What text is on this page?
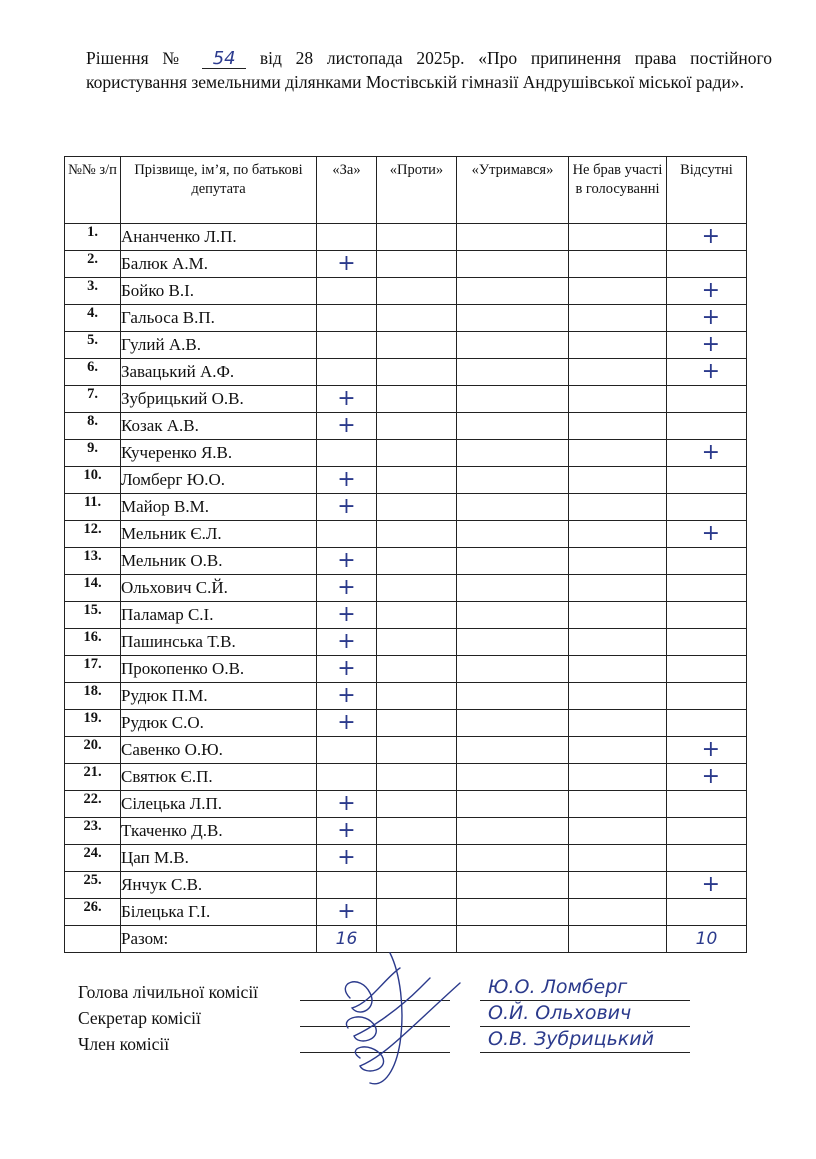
Рішення № 54 від 28 листопада 2025р. «Про припинення права постійного користування земельними ділянками Мостівській гімназії Андрушівської міської ради».
№№ з/п	Прізвище, ім’я, по батькові депутата	«За»	«Проти»	«Утримався»	Не брав участі в голосуванні	Відсутні
1.	Ананченко Л.П.					+
2.	Балюк А.М.	+				
3.	Бойко В.І.					+
4.	Гальоса В.П.					+
5.	Гулий А.В.					+
6.	Завацький А.Ф.					+
7.	Зубрицький О.В.	+				
8.	Козак А.В.	+				
9.	Кучеренко Я.В.					+
10.	Ломберг Ю.О.	+				
11.	Майор В.М.	+				
12.	Мельник Є.Л.					+
13.	Мельник О.В.	+				
14.	Ольхович С.Й.	+				
15.	Паламар С.І.	+				
16.	Пашинська Т.В.	+				
17.	Прокопенко О.В.	+				
18.	Рудюк П.М.	+				
19.	Рудюк С.О.	+				
20.	Савенко О.Ю.					+
21.	Святюк Є.П.					+
22.	Сілецька Л.П.	+				
23.	Ткаченко Д.В.	+				
24.	Цап М.В.	+				
25.	Янчук С.В.					+
26.	Білецька Г.І.	+				
	Разом:	16				10
Голова лічильної комісії	Ю.О. Ломберг
Секретар комісії	О.Й. Ольхович
Член комісії	О.В. Зубрицький
